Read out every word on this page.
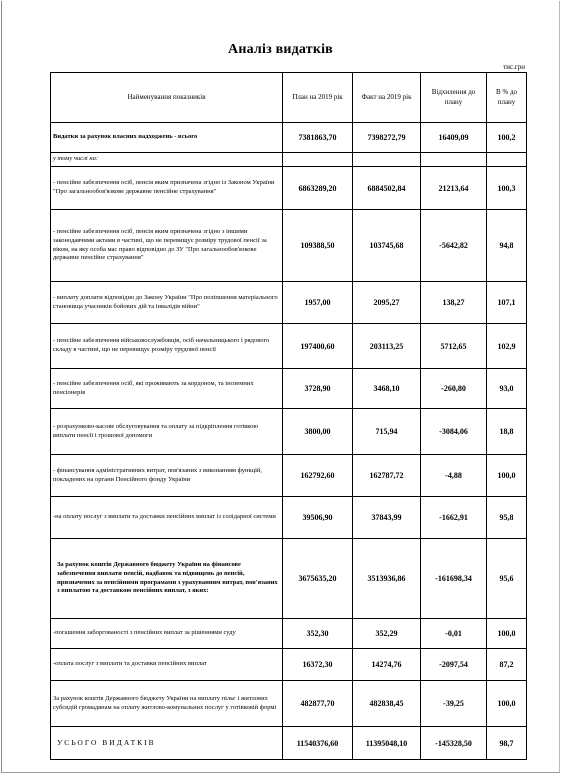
Аналіз видатків
тис.грн
Найменування показників	План на 2019 рік	Факт на 2019 рік	Відхилення до плану	В % до плану
Видатки за рахунок власних надходжень - всього	7381863,70	7398272,79	16409,09	100,2
у тому числі на:				
- пенсійне забезпечення осіб, пенсія яким призначена згідно із Законом України "Про загальнообов'язкове державне пенсійне страхування"	6863289,20	6884502,84	21213,64	100,3
- пенсійне забезпечення осіб, пенсія яким призначена згідно з іншими законодавчими актами в частині, що не перевищує розміру трудової пенсії за віком, на яку особа мас право відповідно до ЗУ "Про загальнообов'язкове державне пенсійне страхування"	109388,50	103745,68	-5642,82	94,8
- виплату доплати відповідно до Закону України "Про поліпшення матеріального становища учасників бойових дій та інвалідів війни"	1957,00	2095,27	138,27	107,1
- пенсійне забезпечення військовослужбовців, осіб начальницького і рядового складу в частині, що не перевищує розміру трудової пенсії	197400,60	203113,25	5712,65	102,9
- пенсійне забезпечення осіб, які проживають за кордоном, та іноземних пенсіонерів	3728,90	3468,10	-260,80	93,0
- розрахунково-касове обслуговування та оплату за підкріплення готівкою виплати пенсії і грошової допомоги	3800,00	715,94	-3084,06	18,8
- фінансування адміністративних витрат, пов'язаних з виконанням функцій, покладених на органи Пенсійного фонду України	162792,60	162787,72	-4,88	100,0
-на оплату послуг з виплати та доставки пенсійних виплат із солідарної системи	39506,90	37843,99	-1662,91	95,8
За рахунок коштів Державного бюджету України на фінансове забезпечення виплати пенсій, надбавок та підвищень до пенсій, призначених за пенсійними програмами з урахуванням витрат, пов'язаних з виплатою та доставкою пенсійних виплат, з яких:	3675635,20	3513936,86	-161698,34	95,6
-погашення заборгованості з пенсійних виплат за рішеннями суду	352,30	352,29	-0,01	100,0
-оплата послуг з виплати та доставки пенсійних виплат	16372,30	14274,76	-2097,54	87,2
За рахунок коштів Державного бюджету України на виплату пільг і житлових субсидій громадянам на оплату житлово-комунальних послуг у готівковій формі	482877,70	482838,45	-39,25	100,0
УСЬОГО ВИДАТКІВ	11540376,60	11395048,10	-145328,50	98,7
